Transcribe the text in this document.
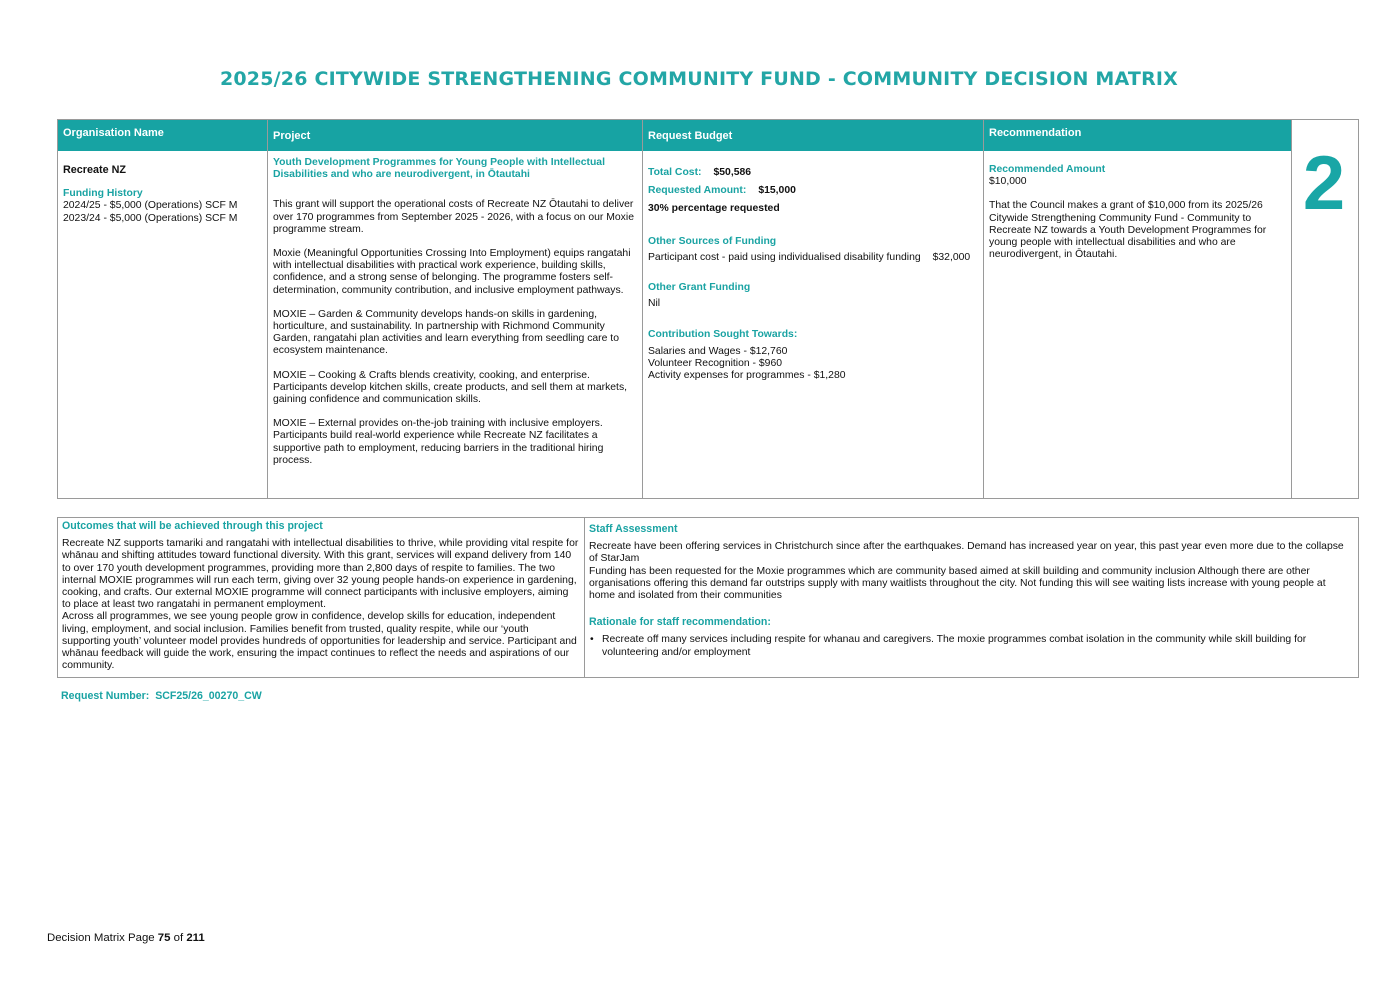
2025/26 CITYWIDE STRENGTHENING COMMUNITY FUND - COMMUNITY DECISION MATRIX
Organisation Name

Recreate NZ

Funding History

2024/25 - $5,000 (Operations) SCF M

2023/24 - $5,000 (Operations) SCF M

Project

Youth Development Programmes for Young People with Intellectual Disabilities and who are neurodivergent, in Ōtautahi

This grant will support the operational costs of Recreate NZ Ōtautahi to deliver over 170 programmes from September 2025 - 2026, with a focus on our Moxie programme stream.

Moxie (Meaningful Opportunities Crossing Into Employment) equips rangatahi with intellectual disabilities with practical work experience, building skills, confidence, and a strong sense of belonging. The programme fosters self-determination, community contribution, and inclusive employment pathways.

MOXIE – Garden & Community develops hands-on skills in gardening, horticulture, and sustainability. In partnership with Richmond Community Garden, rangatahi plan activities and learn everything from seedling care to ecosystem maintenance.

MOXIE – Cooking & Crafts blends creativity, cooking, and enterprise. Participants develop kitchen skills, create products, and sell them at markets, gaining confidence and communication skills.

MOXIE – External provides on-the-job training with inclusive employers. Participants build real-world experience while Recreate NZ facilitates a supportive path to employment, reducing barriers in the traditional hiring process.

Request Budget
Total Cost: $50,586
Requested Amount: $15,000

30% percentage requested

Other Sources of Funding

Participant cost - paid using individualised disability funding $32,000

Other Grant Funding

Nil

Contribution Sought Towards:

Salaries and Wages - $12,760

Volunteer Recognition - $960

Activity expenses for programmes - $1,280

Recommendation

Recommended Amount

$10,000

That the Council makes a grant of $10,000 from its 2025/26 Citywide Strengthening Community Fund - Community to Recreate NZ towards a Youth Development Programmes for young people with intellectual disabilities and who are neurodivergent, in Ōtautahi.

2

Outcomes that will be achieved through this project

Recreate NZ supports tamariki and rangatahi with intellectual disabilities to thrive, while providing vital respite for whānau and shifting attitudes toward functional diversity. With this grant, services will expand delivery from 140 to over 170 youth development programmes, providing more than 2,800 days of respite to families. The two internal MOXIE programmes will run each term, giving over 32 young people hands-on experience in gardening, cooking, and crafts. Our external MOXIE programme will connect participants with inclusive employers, aiming to place at least two rangatahi in permanent employment.

Across all programmes, we see young people grow in confidence, develop skills for education, independent living, employment, and social inclusion. Families benefit from trusted, quality respite, while our ‘youth supporting youth’ volunteer model provides hundreds of opportunities for leadership and service. Participant and whānau feedback will guide the work, ensuring the impact continues to reflect the needs and aspirations of our community.

Staff Assessment

Recreate have been offering services in Christchurch since after the earthquakes. Demand has increased year on year, this past year even more due to the collapse of StarJam

Funding has been requested for the Moxie programmes which are community based aimed at skill building and community inclusion Although there are other organisations offering this demand far outstrips supply with many waitlists throughout the city. Not funding this will see waiting lists increase with young people at home and isolated from their communities

Rationale for staff recommendation:

• Recreate off many services including respite for whanau and caregivers. The moxie programmes combat isolation in the community while skill building for volunteering and/or employment
Request Number: SCF25/26_00270_CW
Decision Matrix Page 75 of 211
